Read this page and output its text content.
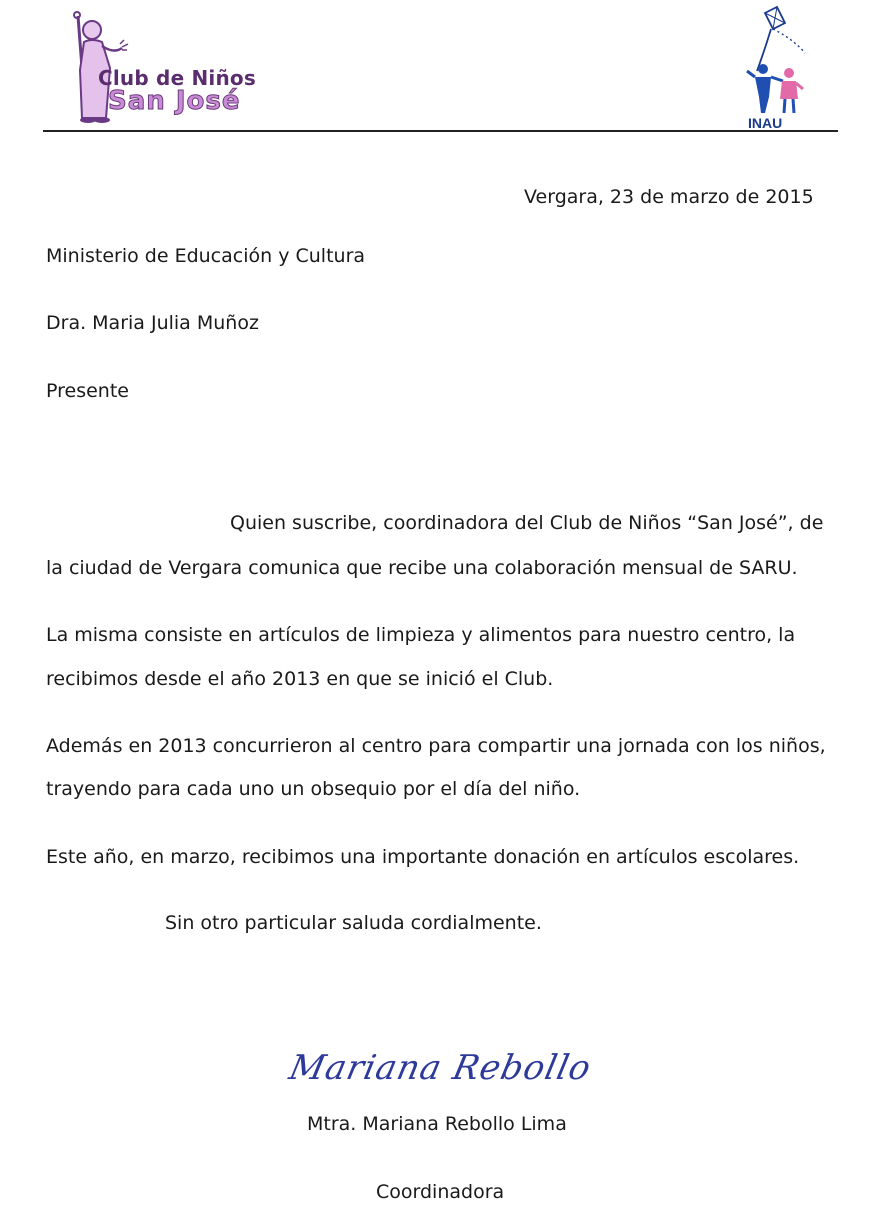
Club de Niños
San José
INAU
Vergara, 23 de marzo de 2015
Ministerio de Educación y Cultura
Dra. Maria Julia Muñoz
Presente
Quien suscribe, coordinadora del Club de Niños “San José”, de
la ciudad de Vergara comunica que recibe una colaboración mensual de SARU.
La misma consiste en artículos de limpieza y alimentos para nuestro centro, la
recibimos desde el año 2013 en que se inició el Club.
Además en 2013 concurrieron al centro para compartir una jornada con los niños,
trayendo para cada uno un obsequio por el día del niño.
Este año, en marzo, recibimos una importante donación en artículos escolares.
Sin otro particular saluda cordialmente.
Mariana Rebollo
Mtra. Mariana Rebollo Lima
Coordinadora
